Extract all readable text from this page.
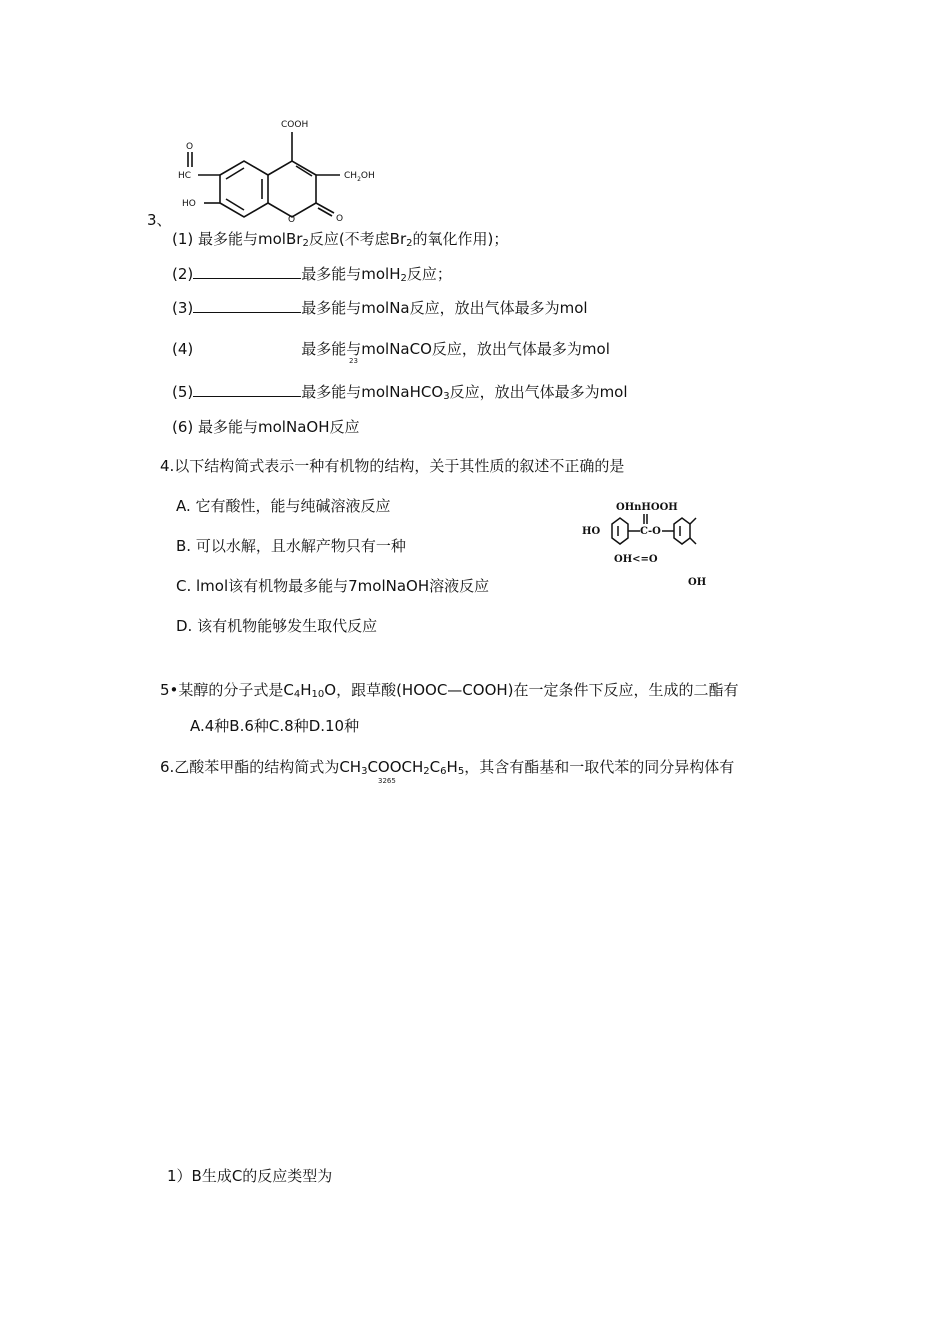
COOH
$CH_2OH$
HO
HC
O
O	O
3、
(1) 最多能与molBr$_2$反应(不考虑$Br_2$的氧化作用)；
(2)	最多能与molH$_2$反应；
(3)	最多能与molNa反应，放出气体最多为mol
(4)	最多能与molNaCO反应，放出气体最多为mol
23
(5)	最多能与molNaHCO$_3$反应，放出气体最多为mol
(6) 最多能与molNaOH反应
4.以下结构简式表示一种有机物的结构，关于其性质的叙述不正确的是
A. 它有酸性，能与纯碱溶液反应
B. 可以水解，且水解产物只有一种
C. lmol该有机物最多能与7molNaOH溶液反应
D. 该有机物能够发生取代反应
OHnHOOH
HO	C-O
OH<=O
OH
5•某醇的分子式是$C_4H_{10}O$，跟草酸(HOOC—COOH)在一定条件下反应，生成的二酯有
A.4种B.6种C.8种D.10种
6.乙酸苯甲酯的结构简式为$CH_3COOCH_2C_6H_5$，其含有酯基和一取代苯的同分异构体有
3265
1）B生成C的反应类型为
